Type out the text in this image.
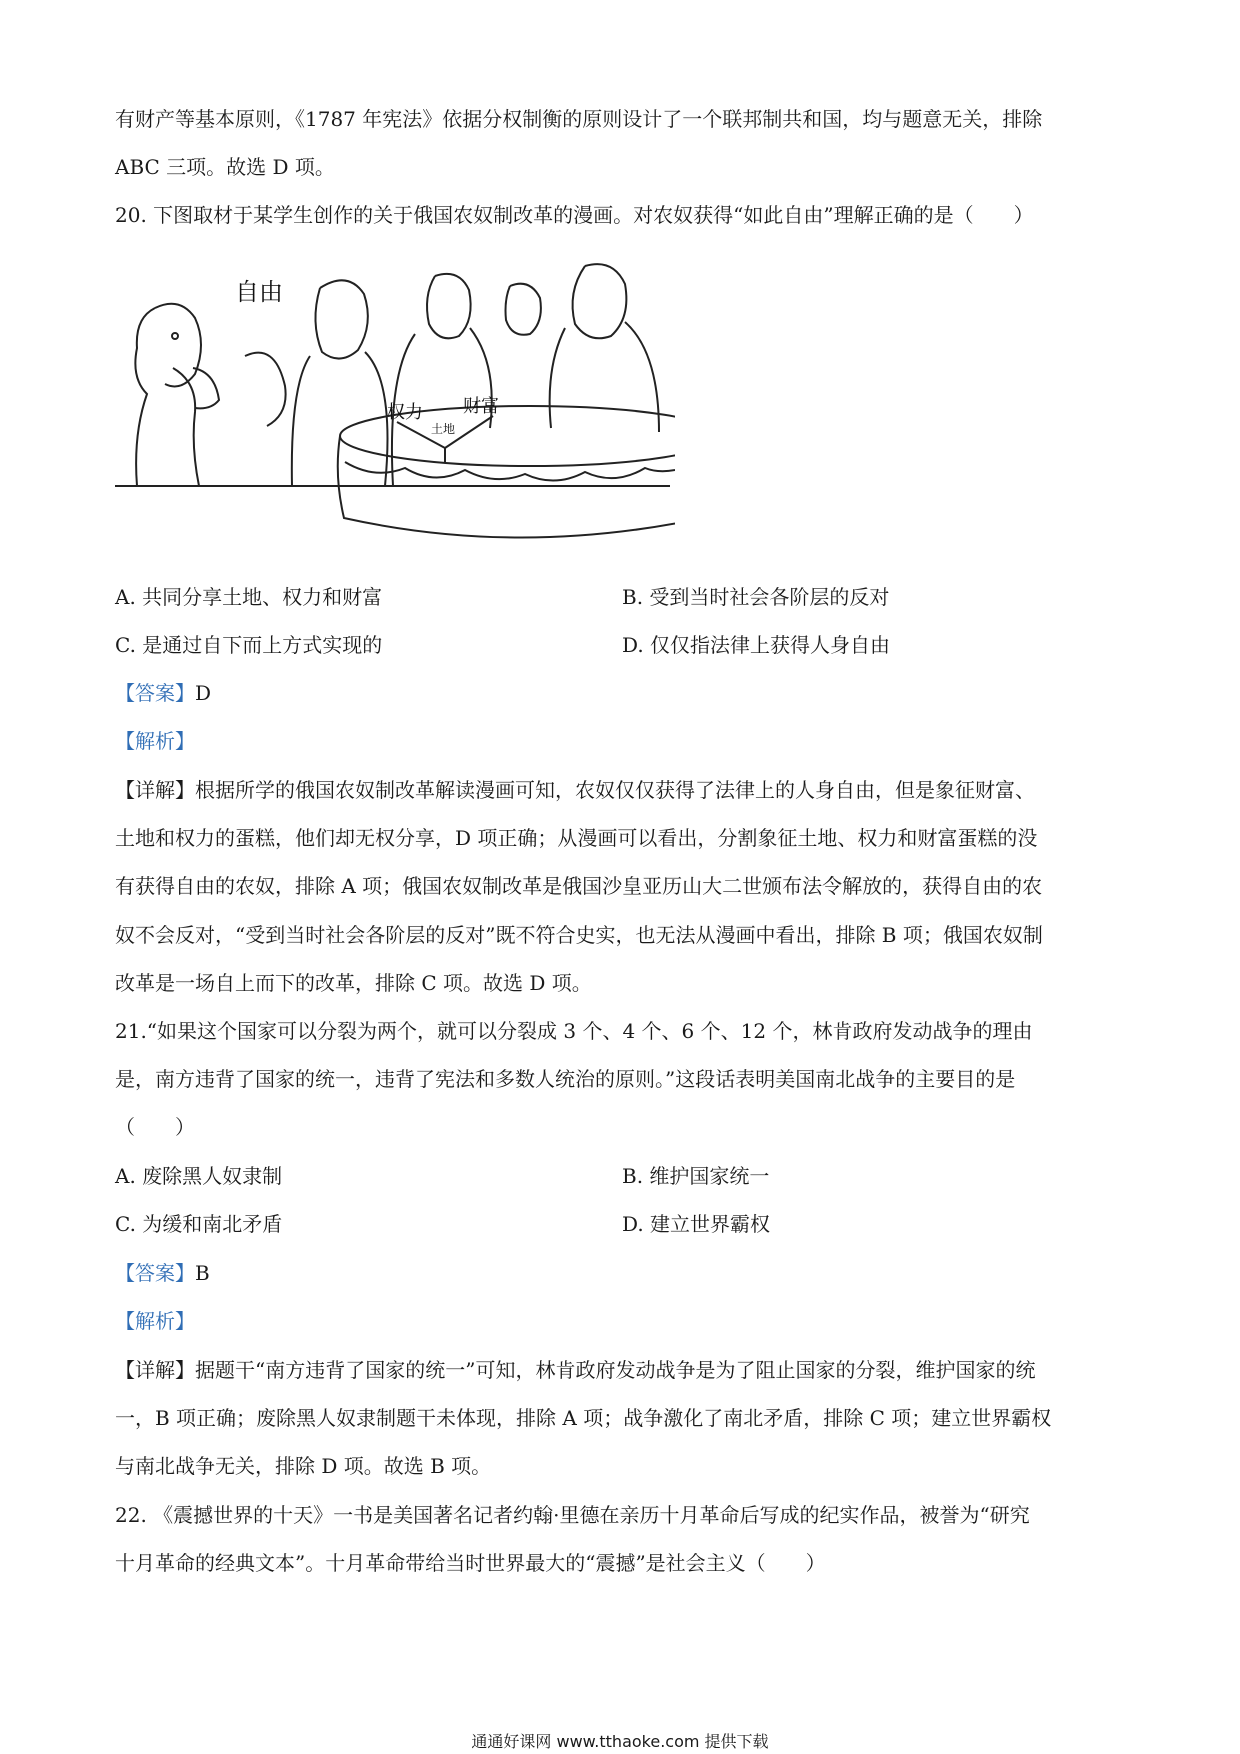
有财产等基本原则，《1787 年宪法》依据分权制衡的原则设计了一个联邦制共和国，均与题意无关，排除
ABC 三项。故选 D 项。
20. 下图取材于某学生创作的关于俄国农奴制改革的漫画。对农奴获得“如此自由”理解正确的是（　　）
自由
权力 财富
土地
A. 共同分享土地、权力和财富	B. 受到当时社会各阶层的反对
C. 是通过自下而上方式实现的	D. 仅仅指法律上获得人身自由
【答案】D
【解析】
【详解】根据所学的俄国农奴制改革解读漫画可知，农奴仅仅获得了法律上的人身自由，但是象征财富、
土地和权力的蛋糕，他们却无权分享，D 项正确；从漫画可以看出，分割象征土地、权力和财富蛋糕的没
有获得自由的农奴，排除 A 项；俄国农奴制改革是俄国沙皇亚历山大二世颁布法令解放的，获得自由的农
奴不会反对，“受到当时社会各阶层的反对”既不符合史实，也无法从漫画中看出，排除 B 项；俄国农奴制
改革是一场自上而下的改革，排除 C 项。故选 D 项。
21.“如果这个国家可以分裂为两个，就可以分裂成 3 个、4 个、6 个、12 个，林肯政府发动战争的理由
是，南方违背了国家的统一，违背了宪法和多数人统治的原则。”这段话表明美国南北战争的主要目的是
（　　）
A. 废除黑人奴隶制	B. 维护国家统一
C. 为缓和南北矛盾	D. 建立世界霸权
【答案】B
【解析】
【详解】据题干“南方违背了国家的统一”可知，林肯政府发动战争是为了阻止国家的分裂，维护国家的统
一，B 项正确；废除黑人奴隶制题干未体现，排除 A 项；战争激化了南北矛盾，排除 C 项；建立世界霸权
与南北战争无关，排除 D 项。故选 B 项。
22. 《震撼世界的十天》一书是美国著名记者约翰·里德在亲历十月革命后写成的纪实作品，被誉为“研究
十月革命的经典文本”。十月革命带给当时世界最大的“震撼”是社会主义（　　）
通通好课网 www.tthaoke.com 提供下载
